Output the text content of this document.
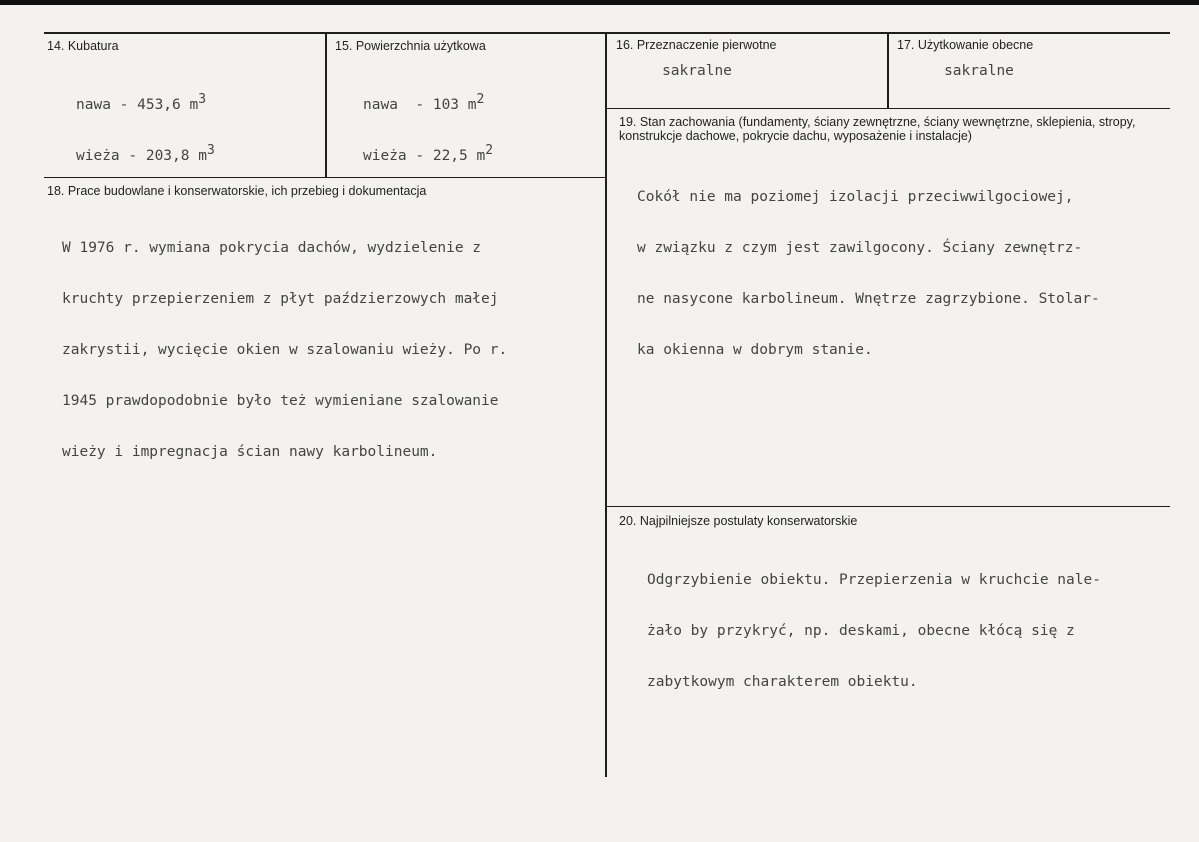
14. Kubatura

nawa - 453,6 $m^3$

wieża - 203,8 $m^3$

15. Powierzchnia użytkowa

nawa  - 103 $m^2$

wieża - 22,5 $m^2$

16. Przeznaczenie pierwotne
sakralne
17. Użytkowanie obecne
sakralne
18. Prace budowlane i konserwatorskie, ich przebieg i dokumentacja

W 1976 r. wymiana pokrycia dachów, wydzielenie z

kruchty przepierzeniem z płyt paździerzowych małej

zakrystii, wycięcie okien w szalowaniu wieży. Po r.

1945 prawdopodobnie było też wymieniane szalowanie

wieży i impregnacja ścian nawy karbolineum.

19. Stan zachowania (fundamenty, ściany zewnętrzne, ściany wewnętrzne, sklepienia, stropy,
konstrukcje dachowe, pokrycie dachu, wyposażenie i instalacje)

Cokół nie ma poziomej izolacji przeciwwilgociowej,

w związku z czym jest zawilgocony. Ściany zewnętrz-

ne nasycone karbolineum. Wnętrze zagrzybione. Stolar-

ka okienna w dobrym stanie.

20. Najpilniejsze postulaty konserwatorskie

Odgrzybienie obiektu. Przepierzenia w kruchcie nale-

żało by przykryć, np. deskami, obecne kłócą się z

zabytkowym charakterem obiektu.
